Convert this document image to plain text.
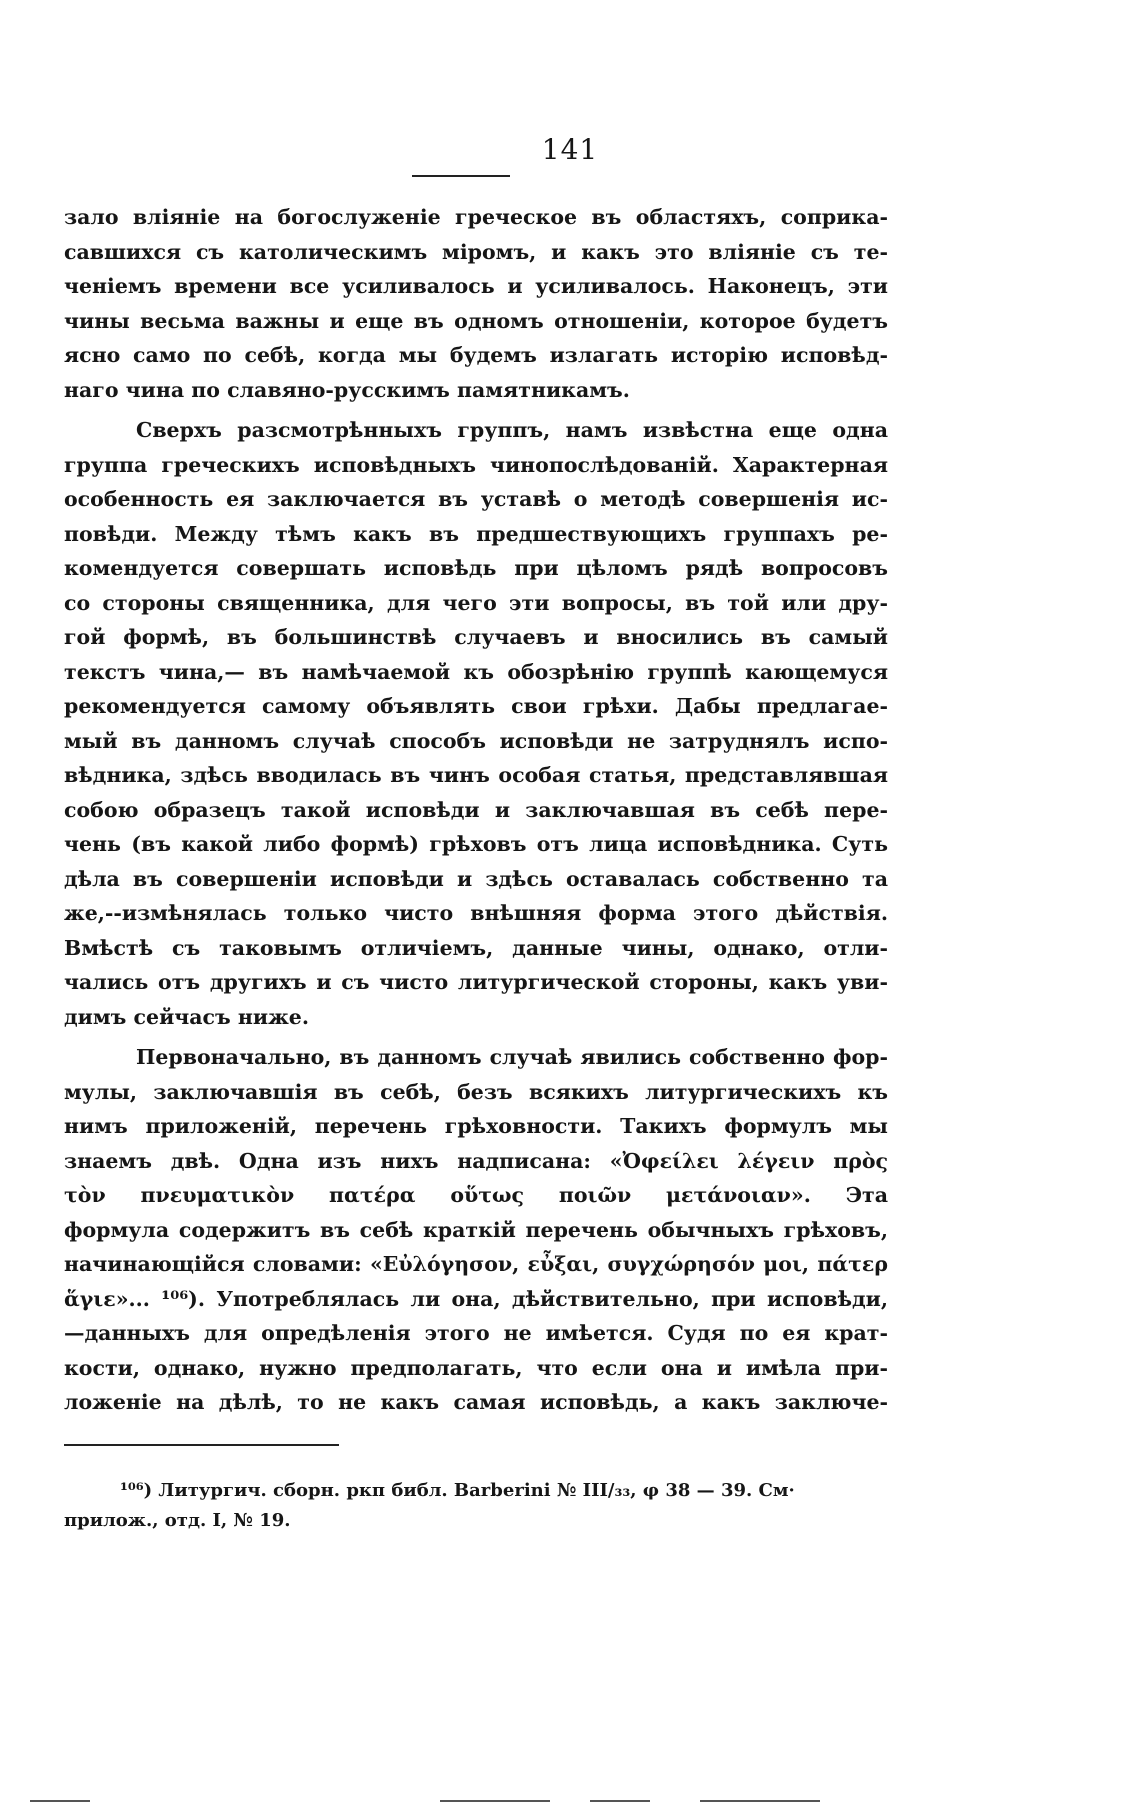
141
зало вліяніе на богослуженіе греческое въ областяхъ, соприка-
савшихся съ католическимъ міромъ, и какъ это вліяніе съ те-
ченіемъ времени все усиливалось и усиливалось. Наконецъ, эти
чины весьма важны и еще въ одномъ отношеніи, которое будетъ
ясно само по себѣ, когда мы будемъ излагать исторію исповѣд-
наго чина по славяно-русскимъ памятникамъ.
Сверхъ разсмотрѣнныхъ группъ, намъ извѣстна еще одна
группа греческихъ исповѣдныхъ чинопослѣдованій. Характерная
особенность ея заключается въ уставѣ о методѣ совершенія ис-
повѣди. Между тѣмъ какъ въ предшествующихъ группахъ ре-
комендуется совершать исповѣдь при цѣломъ рядѣ вопросовъ
со стороны священника, для чего эти вопросы, въ той или дру-
гой формѣ, въ большинствѣ случаевъ и вносились въ самый
текстъ чина,— въ намѣчаемой къ обозрѣнію группѣ кающемуся
рекомендуется самому объявлять свои грѣхи. Дабы предлагае-
мый въ данномъ случаѣ способъ исповѣди не затруднялъ испо-
вѣдника, здѣсь вводилась въ чинъ особая статья, представлявшая
собою образецъ такой исповѣди и заключавшая въ себѣ пере-
чень (въ какой либо формѣ) грѣховъ отъ лица исповѣдника. Суть
дѣла въ совершеніи исповѣди и здѣсь оставалась собственно та
же,--измѣнялась только чисто внѣшняя форма этого дѣйствія.
Вмѣстѣ съ таковымъ отличіемъ, данные чины, однако, отли-
чались отъ другихъ и съ чисто литургической стороны, какъ уви-
димъ сейчасъ ниже.
Первоначально, въ данномъ случаѣ явились собственно фор-
мулы, заключавшія въ себѣ, безъ всякихъ литургическихъ къ
нимъ приложеній, перечень грѣховности. Такихъ формулъ мы
знаемъ двѣ. Одна изъ нихъ надписана: «Ὀφείλει λέγειν πρὸς
τὸν πνευματικὸν πατέρα οὕτως ποιῶν μετάνοιαν». Эта
формула содержитъ въ себѣ краткій перечень обычныхъ грѣховъ,
начинающійся словами: «Εὐλόγησον, εὖξαι, συγχώρησόν μοι, πάτερ
ἅγιε»... ¹⁰⁶). Употреблялась ли она, дѣйствительно, при исповѣди,
—данныхъ для опредѣленія этого не имѣется. Судя по ея крат-
кости, однако, нужно предполагать, что если она и имѣла при-
ложеніе на дѣлѣ, то не какъ самая исповѣдь, а какъ заключе-
¹⁰⁶) Литургич. сборн. ркп библ. Barberini № III/₃₃, φ 38 — 39. См·
прилож., отд. I, № 19.
